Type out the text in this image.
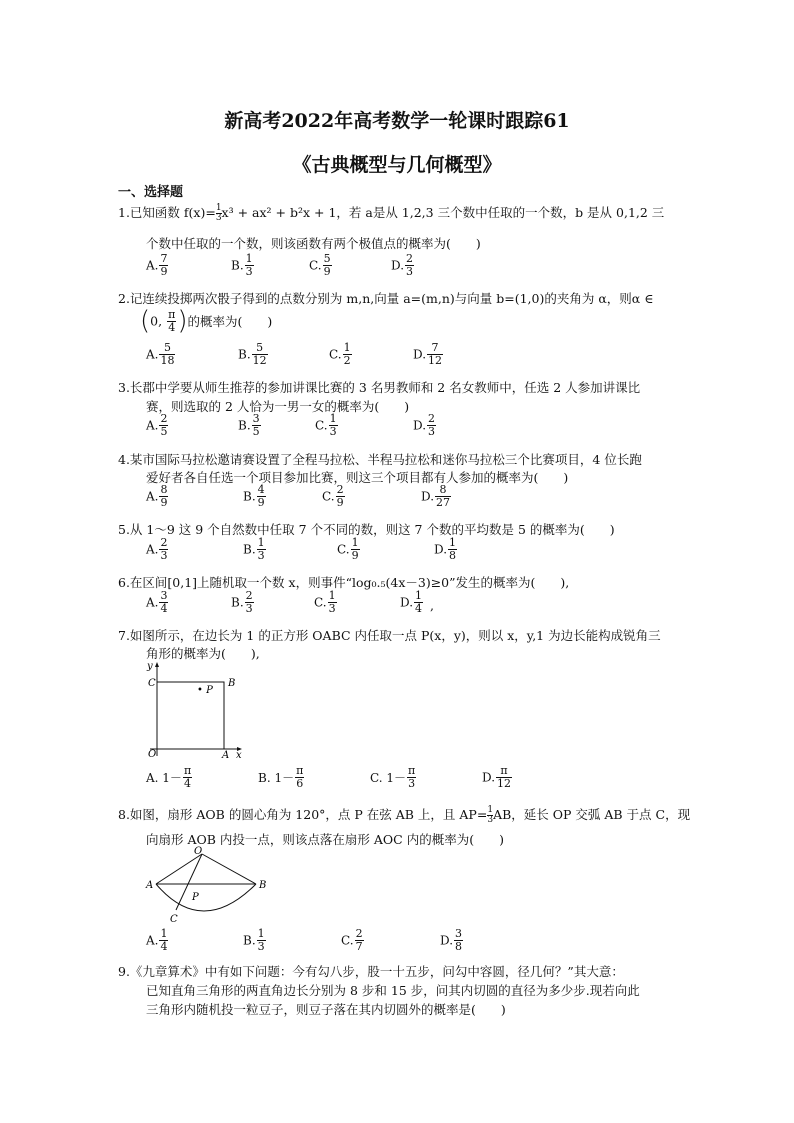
新高考2022年高考数学一轮课时跟踪61
《古典概型与几何概型》
一、选择题
1.已知函数 $f(x)= \frac{1}{3}x^3 + ax^2 + b^2x + 1$，若 a是从 1,2,3 三个数中任取的一个数，b 是从 0,1,2 三
个数中任取的一个数，则该函数有两个极值点的概率为(　　)
A. $\frac{7}{9}$	B. $\frac{1}{3}$	C. $\frac{5}{9}$	D. $\frac{2}{3}$
2.记连续投掷两次骰子得到的点数分别为 m,n,向量 a=(m,n)与向量 b=(1,0)的夹角为 α，则α ∈
(0, $\frac{\pi}{4}$ )的概率为(　　)
A. $\frac{5}{18}$	B. $\frac{5}{12}$	C. $\frac{1}{2}$	D. $\frac{7}{12}$
3.长郡中学要从师生推荐的参加讲课比赛的 3 名男教师和 2 名女教师中，任选 2 人参加讲课比
赛，则选取的 2 人恰为一男一女的概率为(　　)
A. $\frac{2}{5}$	B. $\frac{3}{5}$	C. $\frac{1}{3}$	D. $\frac{2}{3}$
4.某市国际马拉松邀请赛设置了全程马拉松、半程马拉松和迷你马拉松三个比赛项目，4 位长跑
爱好者各自任选一个项目参加比赛，则这三个项目都有人参加的概率为(　　)
A. $\frac{8}{9}$	B. $\frac{4}{9}$	C. $\frac{2}{9}$	D. $\frac{8}{27}$
5.从 1～9 这 9 个自然数中任取 7 个不同的数，则这 7 个数的平均数是 5 的概率为(　　)
A. $\frac{2}{3}$	B. $\frac{1}{3}$	C. $\frac{1}{9}$	D. $\frac{1}{8}$
6.在区间[0,1]上随机取一个数 x，则事件“log₀.₅(4x－3)≥0”发生的概率为(　　),
A. $\frac{3}{4}$	B. $\frac{2}{3}$	C. $\frac{1}{3}$	D. $\frac{1}{4}$ ,
7.如图所示，在边长为 1 的正方形 OABC 内任取一点 P(x，y)，则以 x，y,1 为边长能构成锐角三
角形的概率为(　　),
y
C	B
• P
O	A x
A. $1- \frac{\pi}{4}$	B. $1- \frac{\pi}{6}$	C. $1- \frac{\pi}{3}$	D. $\frac{\pi}{12}$
8.如图，扇形 AOB 的圆心角为 120°，点 P 在弦 AB 上，且 $AP= \frac{1}{3}AB$，延长 OP 交弧 AB 于点 C，现
向扇形 AOB 内投一点，则该点落在扇形 AOC 内的概率为(　　)
O
A	B
P
C
A. $\frac{1}{4}$	B. $\frac{1}{3}$	C. $\frac{2}{7}$	D. $\frac{3}{8}$
9.《九章算术》中有如下问题：今有勾八步，股一十五步，问勾中容圆，径几何？”其大意：
已知直角三角形的两直角边长分别为 8 步和 15 步，问其内切圆的直径为多少步.现若向此
三角形内随机投一粒豆子，则豆子落在其内切圆外的概率是(　　)
